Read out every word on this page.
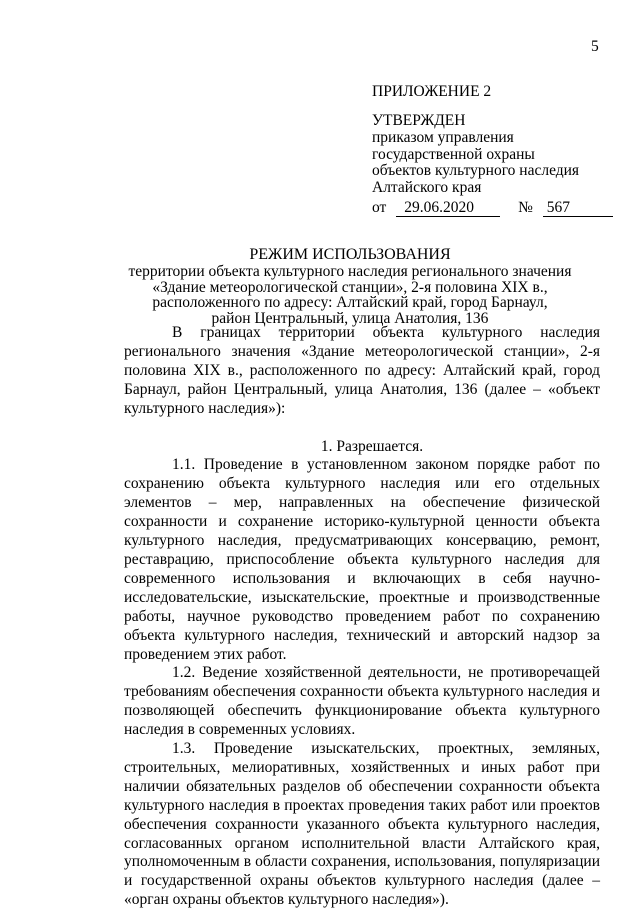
5
ПРИЛОЖЕНИЕ 2
УТВЕРЖДЕН
приказом управления
государственной охраны
объектов культурного наследия
Алтайского края
от 29.06.2020	№ 567
РЕЖИМ ИСПОЛЬЗОВАНИЯ
территории объекта культурного наследия регионального значения
«Здание метеорологической станции», 2-я половина XIX в.,
расположенного по адресу: Алтайский край, город Барнаул,
район Центральный, улица Анатолия, 136

В границах территории объекта культурного наследия регионального значения «Здание метеорологической станции», 2-я половина XIX в., расположенного по адресу: Алтайский край, город Барнаул, район Центральный, улица Анатолия, 136 (далее – «объект культурного наследия»):

1. Разрешается.

1.1. Проведение в установленном законом порядке работ по сохранению объекта культурного наследия или его отдельных элементов – мер, направленных на обеспечение физической сохранности и сохранение историко-культурной ценности объекта культурного наследия, предусматривающих консервацию, ремонт, реставрацию, приспособление объекта культурного наследия для современного использования и включающих в себя научно-исследовательские, изыскательские, проектные и производственные работы, научное руководство проведением работ по сохранению объекта культурного наследия, технический и авторский надзор за проведением этих работ.

1.2. Ведение хозяйственной деятельности, не противоречащей требованиям обеспечения сохранности объекта культурного наследия и позволяющей обеспечить функционирование объекта культурного наследия в современных условиях.

1.3. Проведение изыскательских, проектных, земляных, строительных, мелиоративных, хозяйственных и иных работ при наличии обязательных разделов об обеспечении сохранности объекта культурного наследия в проектах проведения таких работ или проектов обеспечения сохранности указанного объекта культурного наследия, согласованных органом исполнительной власти Алтайского края, уполномоченным в области сохранения, использования, популяризации и государственной охраны объектов культурного наследия (далее – «орган охраны объектов культурного наследия»).
